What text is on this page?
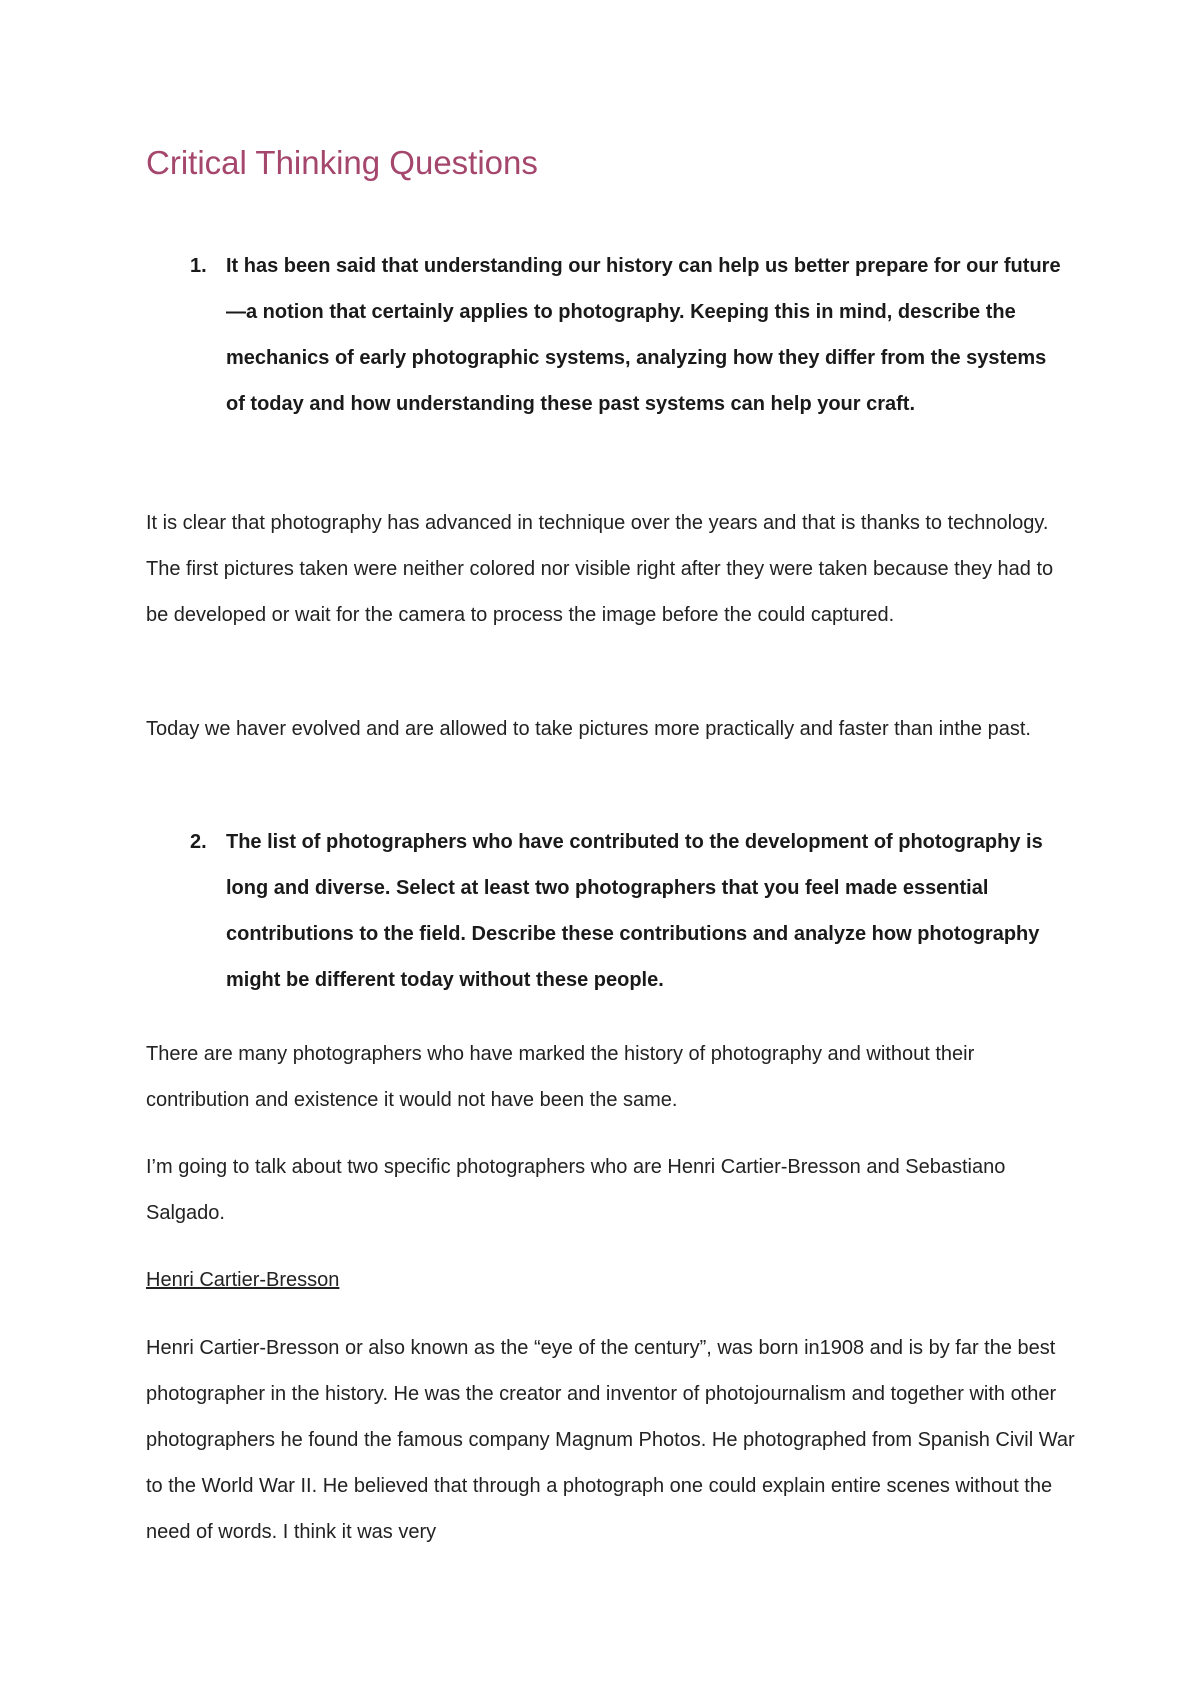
Critical Thinking Questions
1. It has been said that understanding our history can help us better prepare for our future—a notion that certainly applies to photography. Keeping this in mind, describe the mechanics of early photographic systems, analyzing how they differ from the systems of today and how understanding these past systems can help your craft.

It is clear that photography has advanced in technique over the years and that is thanks to technology. The first pictures taken were neither colored nor visible right after they were taken because they had to be developed or wait for the camera to process the image before the could captured.

Today we haver evolved and are allowed to take pictures more practically and faster than inthe past.

2. The list of photographers who have contributed to the development of photography is long and diverse. Select at least two photographers that you feel made essential contributions to the field. Describe these contributions and analyze how photography might be different today without these people.

There are many photographers who have marked the history of photography and without their contribution and existence it would not have been the same.

I’m going to talk about two specific photographers who are Henri Cartier-Bresson and Sebastiano Salgado.

Henri Cartier-Bresson

Henri Cartier-Bresson or also known as the “eye of the century”, was born in1908 and is by far the best photographer in the history. He was the creator and inventor of photojournalism and together with other photographers he found the famous company Magnum Photos. He photographed from Spanish Civil War to the World War II. He believed that through a photograph one could explain entire scenes without the need of words. I think it was very
